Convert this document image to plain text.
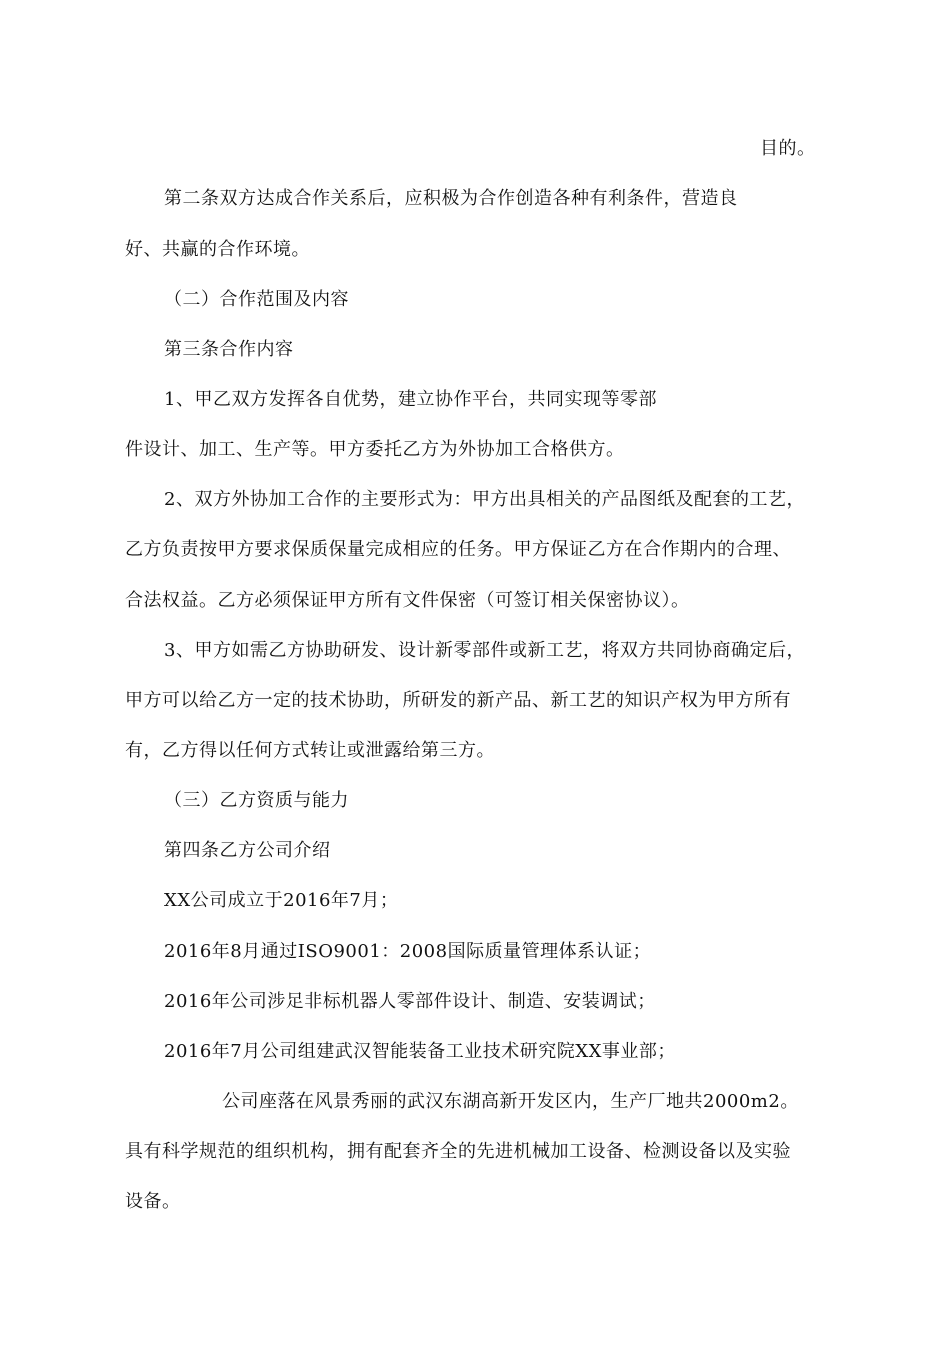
目的。
第二条双方达成合作关系后，应积极为合作创造各种有利条件，营造良
好、共赢的合作环境。
（二）合作范围及内容
第三条合作内容
1、甲乙双方发挥各自优势，建立协作平台，共同实现等零部
件设计、加工、生产等。甲方委托乙方为外协加工合格供方。
2、双方外协加工合作的主要形式为：甲方出具相关的产品图纸及配套的工艺，
乙方负责按甲方要求保质保量完成相应的任务。甲方保证乙方在合作期内的合理、
合法权益。乙方必须保证甲方所有文件保密（可签订相关保密协议）。
3、甲方如需乙方协助研发、设计新零部件或新工艺，将双方共同协商确定后，
甲方可以给乙方一定的技术协助，所研发的新产品、新工艺的知识产权为甲方所有
有，乙方得以任何方式转让或泄露给第三方。
（三）乙方资质与能力
第四条乙方公司介绍
XX公司成立于2016年7月；
2016年8月通过ISO9001：2008国际质量管理体系认证；
2016年公司涉足非标机器人零部件设计、制造、安装调试；
2016年7月公司组建武汉智能装备工业技术研究院XX事业部；
公司座落在风景秀丽的武汉东湖高新开发区内，生产厂地共2000m2。
具有科学规范的组织机构，拥有配套齐全的先进机械加工设备、检测设备以及实验
设备。
